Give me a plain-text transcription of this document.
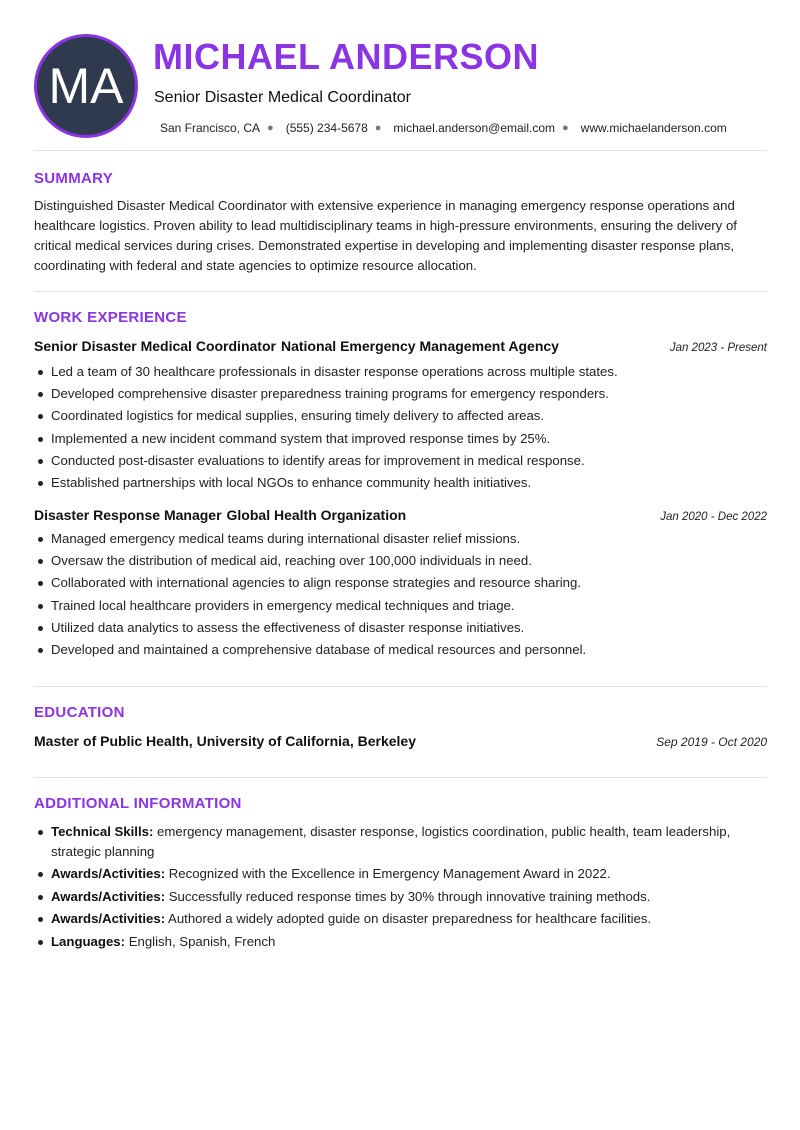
MA
MICHAEL ANDERSON
Senior Disaster Medical Coordinator
San Francisco, CA ● (555) 234-5678 ● michael.anderson@email.com ● www.michaelanderson.com
SUMMARY
Distinguished Disaster Medical Coordinator with extensive experience in managing emergency response operations and healthcare logistics. Proven ability to lead multidisciplinary teams in high-pressure environments, ensuring the delivery of critical medical services during crises. Demonstrated expertise in developing and implementing disaster response plans, coordinating with federal and state agencies to optimize resource allocation.
WORK EXPERIENCE
Senior Disaster Medical Coordinator National Emergency Management Agency	Jan 2023 - Present
Led a team of 30 healthcare professionals in disaster response operations across multiple states.
Developed comprehensive disaster preparedness training programs for emergency responders.
Coordinated logistics for medical supplies, ensuring timely delivery to affected areas.
Implemented a new incident command system that improved response times by 25%.
Conducted post-disaster evaluations to identify areas for improvement in medical response.
Established partnerships with local NGOs to enhance community health initiatives.
Disaster Response Manager Global Health Organization	Jan 2020 - Dec 2022
Managed emergency medical teams during international disaster relief missions.
Oversaw the distribution of medical aid, reaching over 100,000 individuals in need.
Collaborated with international agencies to align response strategies and resource sharing.
Trained local healthcare providers in emergency medical techniques and triage.
Utilized data analytics to assess the effectiveness of disaster response initiatives.
Developed and maintained a comprehensive database of medical resources and personnel.
EDUCATION
Master of Public Health, University of California, Berkeley	Sep 2019 - Oct 2020
ADDITIONAL INFORMATION
Technical Skills: emergency management, disaster response, logistics coordination, public health, team leadership, strategic planning
Awards/Activities: Recognized with the Excellence in Emergency Management Award in 2022.
Awards/Activities: Successfully reduced response times by 30% through innovative training methods.
Awards/Activities: Authored a widely adopted guide on disaster preparedness for healthcare facilities.
Languages: English, Spanish, French
